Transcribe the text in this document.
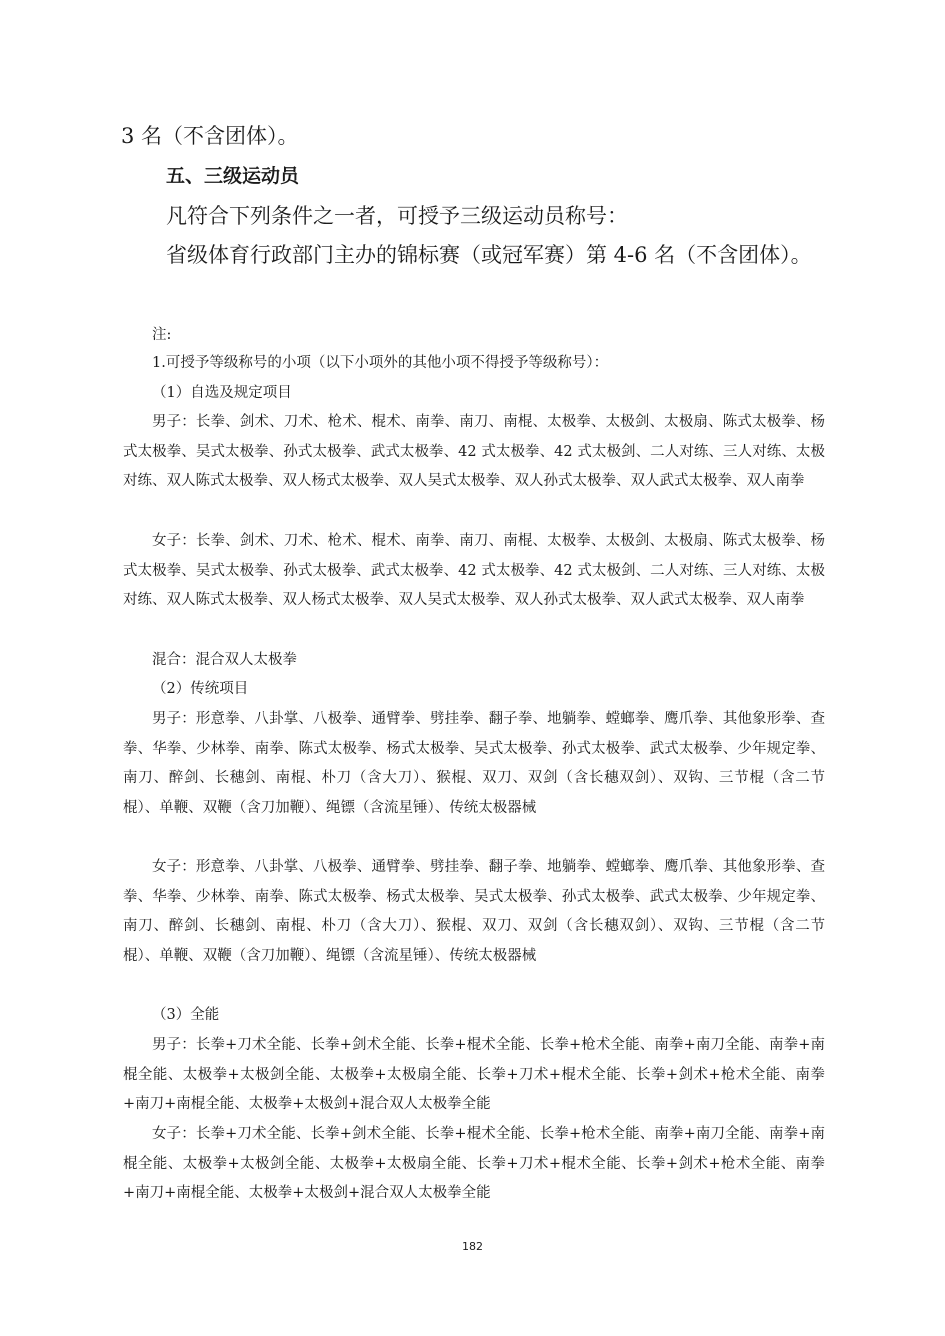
3 名（不含团体）。
五、三级运动员
凡符合下列条件之一者，可授予三级运动员称号：
省级体育行政部门主办的锦标赛（或冠军赛）第 4-6 名（不含团体）。
注:
1.可授予等级称号的小项（以下小项外的其他小项不得授予等级称号）：
（1）自选及规定项目
男子：长拳、剑术、刀术、枪术、棍术、南拳、南刀、南棍、太极拳、太极剑、太极扇、陈式太极拳、杨式太极拳、吴式太极拳、孙式太极拳、武式太极拳、42 式太极拳、42 式太极剑、二人对练、三人对练、太极对练、双人陈式太极拳、双人杨式太极拳、双人吴式太极拳、双人孙式太极拳、双人武式太极拳、双人南拳
女子：长拳、剑术、刀术、枪术、棍术、南拳、南刀、南棍、太极拳、太极剑、太极扇、陈式太极拳、杨式太极拳、吴式太极拳、孙式太极拳、武式太极拳、42 式太极拳、42 式太极剑、二人对练、三人对练、太极对练、双人陈式太极拳、双人杨式太极拳、双人吴式太极拳、双人孙式太极拳、双人武式太极拳、双人南拳
混合：混合双人太极拳
（2）传统项目
男子：形意拳、八卦掌、八极拳、通臂拳、劈挂拳、翻子拳、地躺拳、螳螂拳、鹰爪拳、其他象形拳、查拳、华拳、少林拳、南拳、陈式太极拳、杨式太极拳、吴式太极拳、孙式太极拳、武式太极拳、少年规定拳、南刀、醉剑、长穗剑、南棍、朴刀（含大刀）、猴棍、双刀、双剑（含长穗双剑）、双钩、三节棍（含二节棍）、单鞭、双鞭（含刀加鞭）、绳镖（含流星锤）、传统太极器械
女子：形意拳、八卦掌、八极拳、通臂拳、劈挂拳、翻子拳、地躺拳、螳螂拳、鹰爪拳、其他象形拳、查拳、华拳、少林拳、南拳、陈式太极拳、杨式太极拳、吴式太极拳、孙式太极拳、武式太极拳、少年规定拳、南刀、醉剑、长穗剑、南棍、朴刀（含大刀）、猴棍、双刀、双剑（含长穗双剑）、双钩、三节棍（含二节棍）、单鞭、双鞭（含刀加鞭）、绳镖（含流星锤）、传统太极器械
（3）全能
男子：长拳+刀术全能、长拳+剑术全能、长拳+棍术全能、长拳+枪术全能、南拳+南刀全能、南拳+南棍全能、太极拳+太极剑全能、太极拳+太极扇全能、长拳+刀术+棍术全能、长拳+剑术+枪术全能、南拳+南刀+南棍全能、太极拳+太极剑+混合双人太极拳全能
女子：长拳+刀术全能、长拳+剑术全能、长拳+棍术全能、长拳+枪术全能、南拳+南刀全能、南拳+南棍全能、太极拳+太极剑全能、太极拳+太极扇全能、长拳+刀术+棍术全能、长拳+剑术+枪术全能、南拳+南刀+南棍全能、太极拳+太极剑+混合双人太极拳全能
182
